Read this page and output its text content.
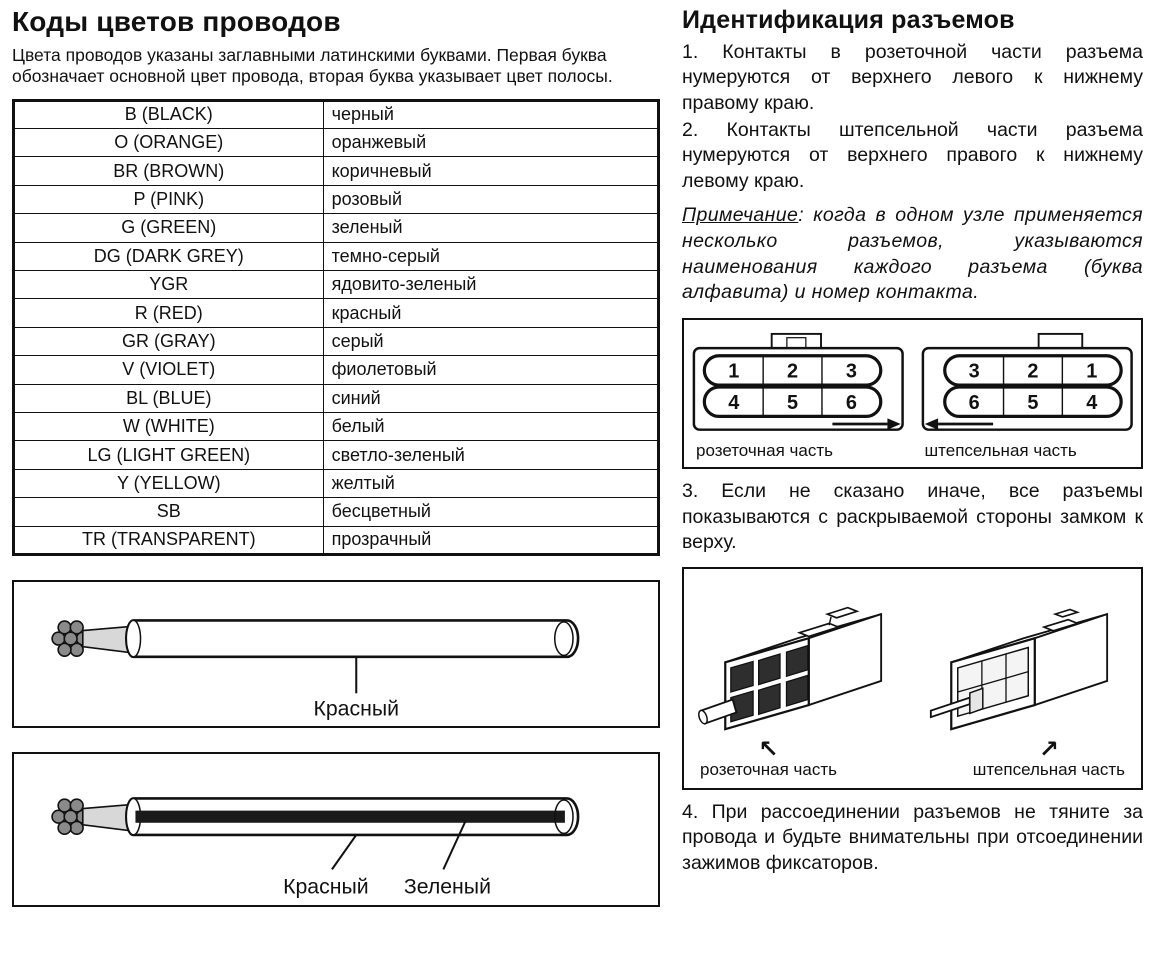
Коды цветов проводов
Цвета проводов указаны заглавными латинскими буквами. Первая буква обозначает основной цвет провода, вторая буква указывает цвет полосы.
B (BLACK)	черный
O (ORANGE)	оранжевый
BR (BROWN)	коричневый
P (PINK)	розовый
G (GREEN)	зеленый
DG (DARK GREY)	темно-серый
YGR	ядовито-зеленый
R (RED)	красный
GR (GRAY)	серый
V (VIOLET)	фиолетовый
BL (BLUE)	синий
W (WHITE)	белый
LG (LIGHT GREEN)	светло-зеленый
Y (YELLOW)	желтый
SB	бесцветный
TR (TRANSPARENT)	прозрачный
Красный
Красный Зеленый
Идентификация разъемов
1. Контакты в розеточной части разъема нумеруются от верхнего левого к нижнему правому краю.
2. Контакты штепсельной части разъема нумеруются от верхнего правого к нижнему левому краю.
Примечание: когда в одном узле применяется несколько разъемов, указываются наименования каждого разъема (буква алфавита) и номер контакта.
1 2 3
4 5 6
розеточная часть
3 2 1
6 5 4
штепсельная часть
3. Если не сказано иначе, все разъемы показываются с раскрываемой стороны замком к верху.
↖
розеточная часть
↗
штепсельная часть
4. При рассоединении разъемов не тяните за провода и будьте внимательны при отсоединении зажимов фиксаторов.
